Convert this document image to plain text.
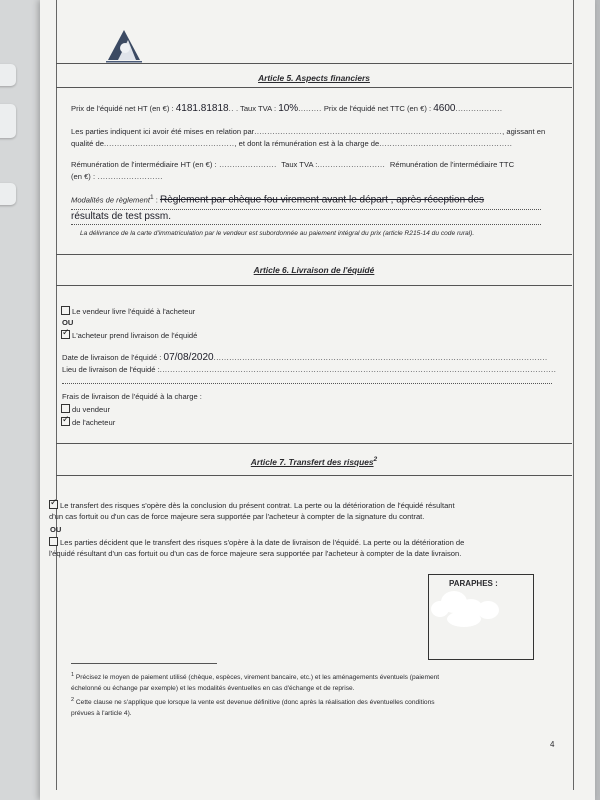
Article 5. Aspects financiers
Prix de l'équidé net HT (en €) : 4181.81818.. . Taux TVA : 10%......... Prix de l'équidé net TTC (en €) : 4600..................
Les parties indiquent ici avoir été mises en relation par..............................................................................................., agissant en
qualité de.................................................., et dont la rémunération est à la charge de...................................................
Rémunération de l'intermédiaire HT (en €) : ......................  Taux TVA :..........................  Rémunération de l'intermédiaire TTC
(en €) : .........................
Modalités de règlement$^1$ : Règlement par chèque fou virement avant le départ , après réception des
résultats de test pssm.
La délivrance de la carte d'immatriculation par le vendeur est subordonnée au paiement intégral du prix (article R215-14 du code rural).
Article 6. Livraison de l'équidé
Le vendeur livre l'équidé à l'acheteur
OU
✓L'acheteur prend livraison de l'équidé
Date de livraison de l'équidé : 07/08/2020................................................................................................................................
Lieu de livraison de l'équidé :........................................................................................................................................................
Frais de livraison de l'équidé à la charge :
du vendeur
✓de l'acheteur
Article 7. Transfert des risques$^2$
✓Le transfert des risques s'opère dès la conclusion du présent contrat. La perte ou la détérioration de l'équidé résultant
d'un cas fortuit ou d'un cas de force majeure sera supportée par l'acheteur à compter de la signature du contrat.
OU
Les parties décident que le transfert des risques s'opère à la date de livraison de l'équidé. La perte ou la détérioration de
l'équidé résultant d'un cas fortuit ou d'un cas de force majeure sera supportée par l'acheteur à compter de la date livraison.
PARAPHES :
$^1$ Précisez le moyen de paiement utilisé (chèque, espèces, virement bancaire, etc.) et les aménagements éventuels (paiement
échelonné ou échange par exemple) et les modalités éventuelles en cas d'échange et de reprise.
$^2$ Cette clause ne s'applique que lorsque la vente est devenue définitive (donc après la réalisation des éventuelles conditions
prévues à l'article 4).
4
